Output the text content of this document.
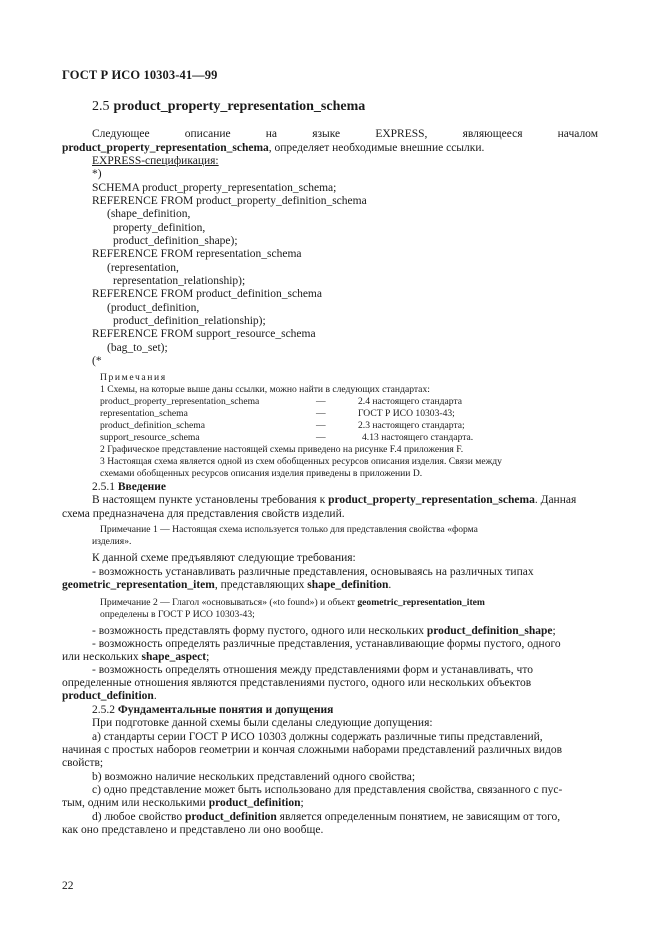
ГОСТ Р ИСО 10303-41—99
2.5 product_property_representation_schema
Следующее	описание	на	языке	EXPRESS,	являющееся	началом
product_property_representation_schema, определяет необходимые внешние ссылки.
EXPRESS-спецификация:
*)
SCHEMA product_property_representation_schema;
REFERENCE FROM product_property_definition_schema
(shape_definition,
property_definition,
product_definition_shape);
REFERENCE FROM representation_schema
(representation,
representation_relationship);
REFERENCE FROM product_definition_schema
(product_definition,
product_definition_relationship);
REFERENCE FROM support_resource_schema
(bag_to_set);
(*
Примечания
1 Схемы, на которые выше даны ссылки, можно найти в следующих стандартах:
product_property_representation_schema	—	2.4 настоящего стандарта
representation_schema	—	ГОСТ Р ИСО 10303-43;
product_definition_schema	—	2.3 настоящего стандарта;
support_resource_schema	—	4.13 настоящего стандарта.
2 Графическое представление настоящей схемы приведено на рисунке F.4 приложения F.
3 Настоящая схема является одной из схем обобщенных ресурсов описания изделия. Связи между
схемами обобщенных ресурсов описания изделия приведены в приложении D.
2.5.1 Введение
В настоящем пункте установлены требования к product_property_representation_schema. Данная
схема предназначена для представления свойств изделий.
Примечание 1 — Настоящая схема используется только для представления свойства «форма
изделия».
К данной схеме предъявляют следующие требования:
- возможность устанавливать различные представления, основываясь на различных типах
geometric_representation_item, представляющих shape_definition.
Примечание 2 — Глагол «основываться» («to found») и объект geometric_representation_item
определены в ГОСТ Р ИСО 10303-43;
- возможность представлять форму пустого, одного или нескольких product_definition_shape;
- возможность определять различные представления, устанавливающие формы пустого, одного
или нескольких shape_aspect;
- возможность определять отношения между представлениями форм и устанавливать, что
определенные отношения являются представлениями пустого, одного или нескольких объектов
product_definition.
2.5.2 Фундаментальные понятия и допущения
При подготовке данной схемы были сделаны следующие допущения:
a) стандарты серии ГОСТ Р ИСО 10303 должны содержать различные типы представлений,
начиная с простых наборов геометрии и кончая сложными наборами представлений различных видов
свойств;
b) возможно наличие нескольких представлений одного свойства;
c) одно представление может быть использовано для представления свойства, связанного с пус-
тым, одним или несколькими product_definition;
d) любое свойство product_definition является определенным понятием, не зависящим от того,
как оно представлено и представлено ли оно вообще.
22
